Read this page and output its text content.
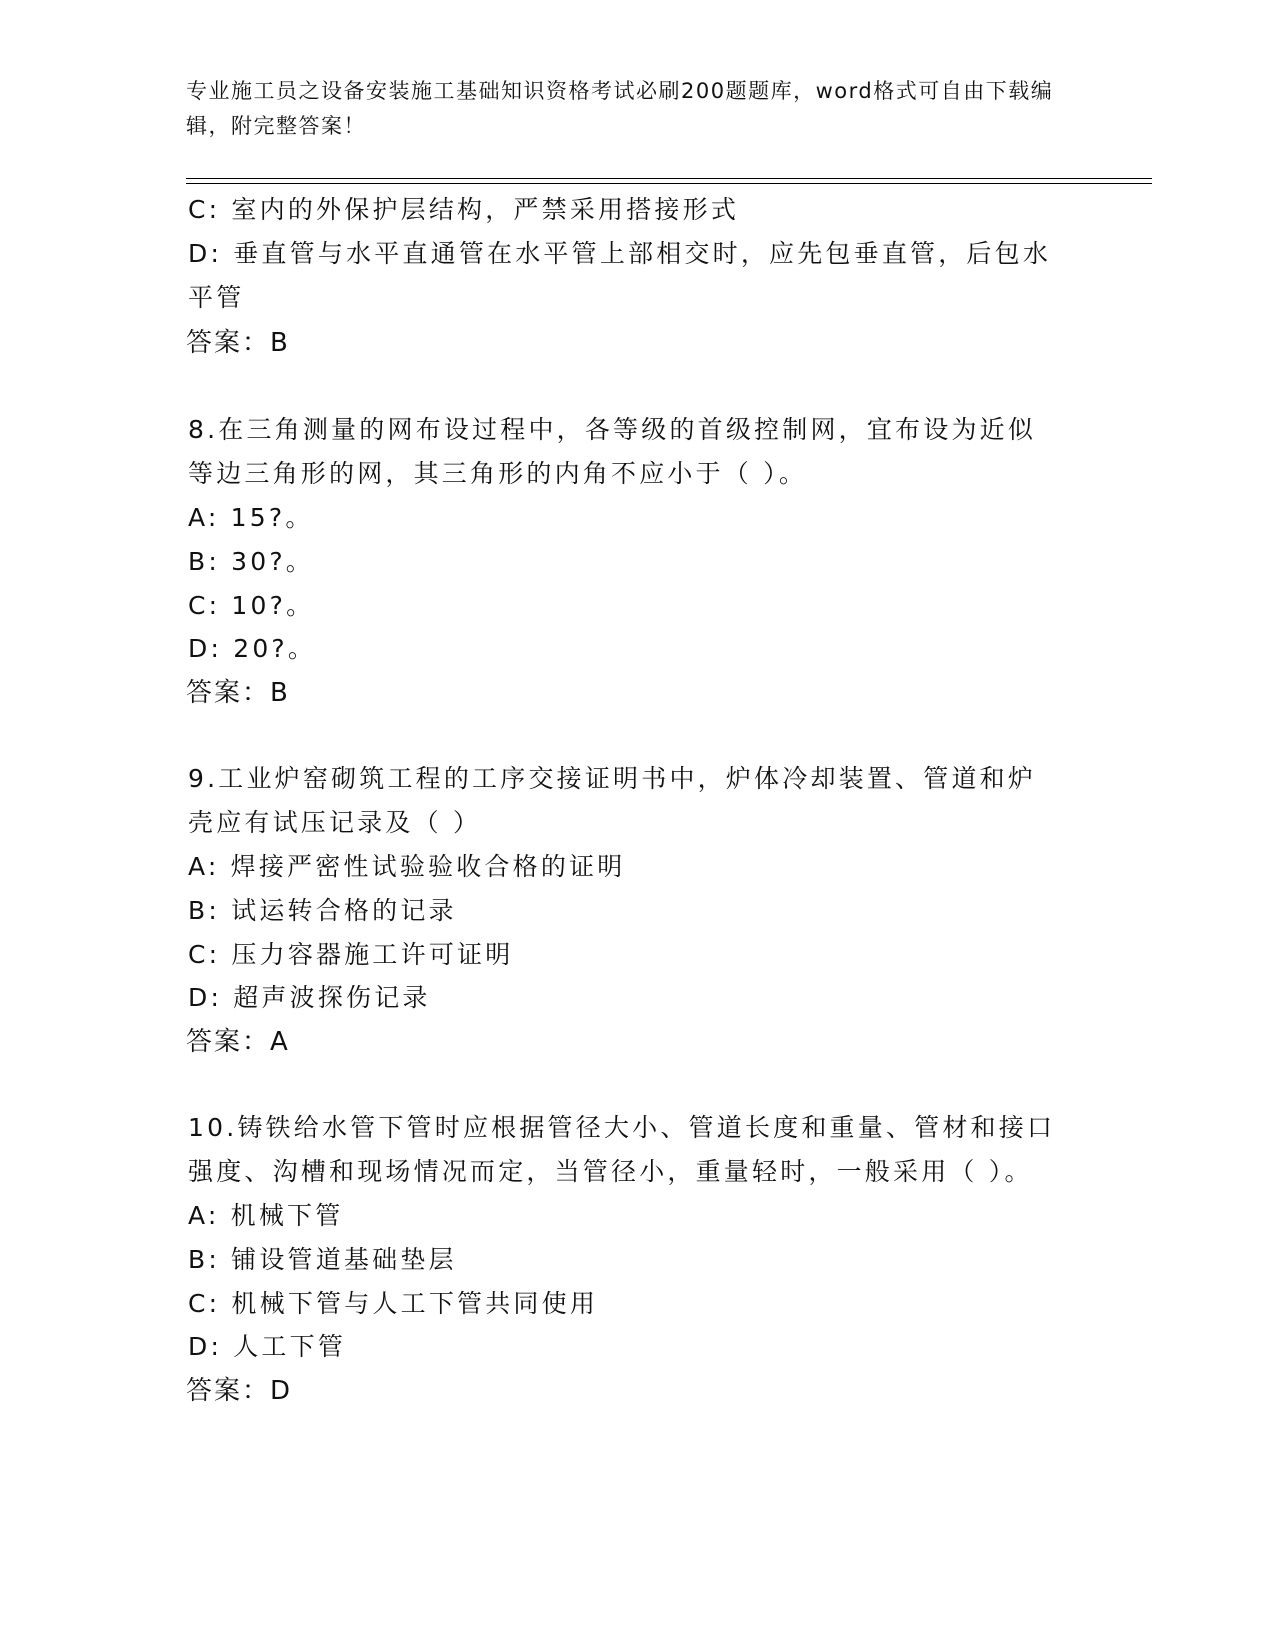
专业施工员之设备安装施工基础知识资格考试必刷200题题库，word格式可自由下载编辑，附完整答案！
C: 室内的外保护层结构，严禁采用搭接形式
D: 垂直管与水平直通管在水平管上部相交时，应先包垂直管，后包水
平管
答案：B
8.在三角测量的网布设过程中，各等级的首级控制网，宜布设为近似
等边三角形的网，其三角形的内角不应小于（ ）。
A: 15?。
B: 30?。
C: 10?。
D: 20?。
答案：B
9.工业炉窑砌筑工程的工序交接证明书中，炉体冷却装置、管道和炉
壳应有试压记录及（ ）
A: 焊接严密性试验验收合格的证明
B: 试运转合格的记录
C: 压力容器施工许可证明
D: 超声波探伤记录
答案：A
10.铸铁给水管下管时应根据管径大小、管道长度和重量、管材和接口
强度、沟槽和现场情况而定，当管径小，重量轻时，一般采用（ ）。
A: 机械下管
B: 铺设管道基础垫层
C: 机械下管与人工下管共同使用
D: 人工下管
答案：D
